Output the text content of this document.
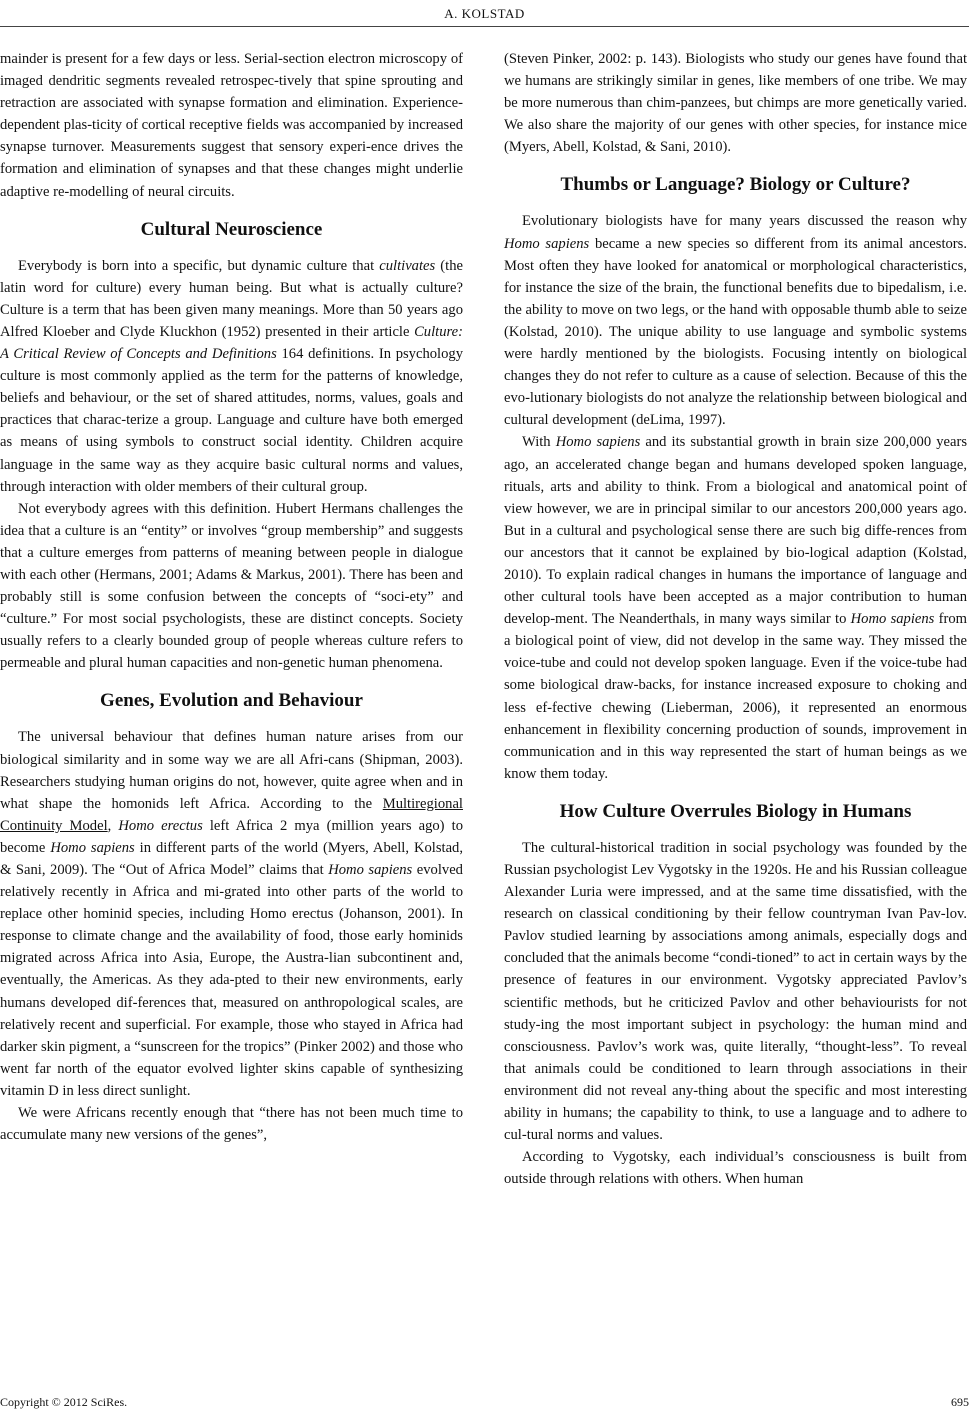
A. KOLSTAD

mainder is present for a few days or less. Serial-section electron microscopy of imaged dendritic segments revealed retrospec-tively that spine sprouting and retraction are associated with synapse formation and elimination. Experience-dependent plas-ticity of cortical receptive fields was accompanied by increased synapse turnover. Measurements suggest that sensory experi-ence drives the formation and elimination of synapses and that these changes might underlie adaptive re-modelling of neural circuits.

Cultural Neuroscience

Everybody is born into a specific, but dynamic culture that cultivates (the latin word for culture) every human being. But what is actually culture? Culture is a term that has been given many meanings. More than 50 years ago Alfred Kloeber and Clyde Kluckhon (1952) presented in their article Culture: A Critical Review of Concepts and Definitions 164 definitions. In psychology culture is most commonly applied as the term for the patterns of knowledge, beliefs and behaviour, or the set of shared attitudes, norms, values, goals and practices that charac-terize a group. Language and culture have both emerged as means of using symbols to construct social identity. Children acquire language in the same way as they acquire basic cultural norms and values, through interaction with older members of their cultural group.

Not everybody agrees with this definition. Hubert Hermans challenges the idea that a culture is an “entity” or involves “group membership” and suggests that a culture emerges from patterns of meaning between people in dialogue with each other (Hermans, 2001; Adams & Markus, 2001). There has been and probably still is some confusion between the concepts of “soci-ety” and “culture.” For most social psychologists, these are distinct concepts. Society usually refers to a clearly bounded group of people whereas culture refers to permeable and plural human capacities and non-genetic human phenomena.

Genes, Evolution and Behaviour

The universal behaviour that defines human nature arises from our biological similarity and in some way we are all Afri-cans (Shipman, 2003). Researchers studying human origins do not, however, quite agree when and in what shape the homonids left Africa. According to the Multiregional Continuity Model, Homo erectus left Africa 2 mya (million years ago) to become Homo sapiens in different parts of the world (Myers, Abell, Kolstad, & Sani, 2009). The “Out of Africa Model” claims that Homo sapiens evolved relatively recently in Africa and mi-grated into other parts of the world to replace other hominid species, including Homo erectus (Johanson, 2001). In response to climate change and the availability of food, those early hominids migrated across Africa into Asia, Europe, the Austra-lian subcontinent and, eventually, the Americas. As they ada-pted to their new environments, early humans developed dif-ferences that, measured on anthropological scales, are relatively recent and superficial. For example, those who stayed in Africa had darker skin pigment, a “sunscreen for the tropics” (Pinker 2002) and those who went far north of the equator evolved lighter skins capable of synthesizing vitamin D in less direct sunlight.

We were Africans recently enough that “there has not been much time to accumulate many new versions of the genes”,

(Steven Pinker, 2002: p. 143). Biologists who study our genes have found that we humans are strikingly similar in genes, like members of one tribe. We may be more numerous than chim-panzees, but chimps are more genetically varied. We also share the majority of our genes with other species, for instance mice (Myers, Abell, Kolstad, & Sani, 2010).

Thumbs or Language? Biology or Culture?

Evolutionary biologists have for many years discussed the reason why Homo sapiens became a new species so different from its animal ancestors. Most often they have looked for anatomical or morphological characteristics, for instance the size of the brain, the functional benefits due to bipedalism, i.e. the ability to move on two legs, or the hand with opposable thumb able to seize (Kolstad, 2010). The unique ability to use language and symbolic systems were hardly mentioned by the biologists. Focusing intently on biological changes they do not refer to culture as a cause of selection. Because of this the evo-lutionary biologists do not analyze the relationship between biological and cultural development (deLima, 1997).

With Homo sapiens and its substantial growth in brain size 200,000 years ago, an accelerated change began and humans developed spoken language, rituals, arts and ability to think. From a biological and anatomical point of view however, we are in principal similar to our ancestors 200,000 years ago. But in a cultural and psychological sense there are such big diffe-rences from our ancestors that it cannot be explained by bio-logical adaption (Kolstad, 2010). To explain radical changes in humans the importance of language and other cultural tools have been accepted as a major contribution to human develop-ment. The Neanderthals, in many ways similar to Homo sapiens from a biological point of view, did not develop in the same way. They missed the voice-tube and could not develop spoken language. Even if the voice-tube had some biological draw-backs, for instance increased exposure to choking and less ef-fective chewing (Lieberman, 2006), it represented an enormous enhancement in flexibility concerning production of sounds, improvement in communication and in this way represented the start of human beings as we know them today.

How Culture Overrules Biology in Humans

The cultural-historical tradition in social psychology was founded by the Russian psychologist Lev Vygotsky in the 1920s. He and his Russian colleague Alexander Luria were impressed, and at the same time dissatisfied, with the research on classical conditioning by their fellow countryman Ivan Pav-lov. Pavlov studied learning by associations among animals, especially dogs and concluded that the animals become “condi-tioned” to act in certain ways by the presence of features in our environment. Vygotsky appreciated Pavlov’s scientific methods, but he criticized Pavlov and other behaviourists for not study-ing the most important subject in psychology: the human mind and consciousness. Pavlov’s work was, quite literally, “thought-less”. To reveal that animals could be conditioned to learn through associations in their environment did not reveal any-thing about the specific and most interesting ability in humans; the capability to think, to use a language and to adhere to cul-tural norms and values.

According to Vygotsky, each individual’s consciousness is built from outside through relations with others. When human

Copyright © 2012 SciRes.	695
